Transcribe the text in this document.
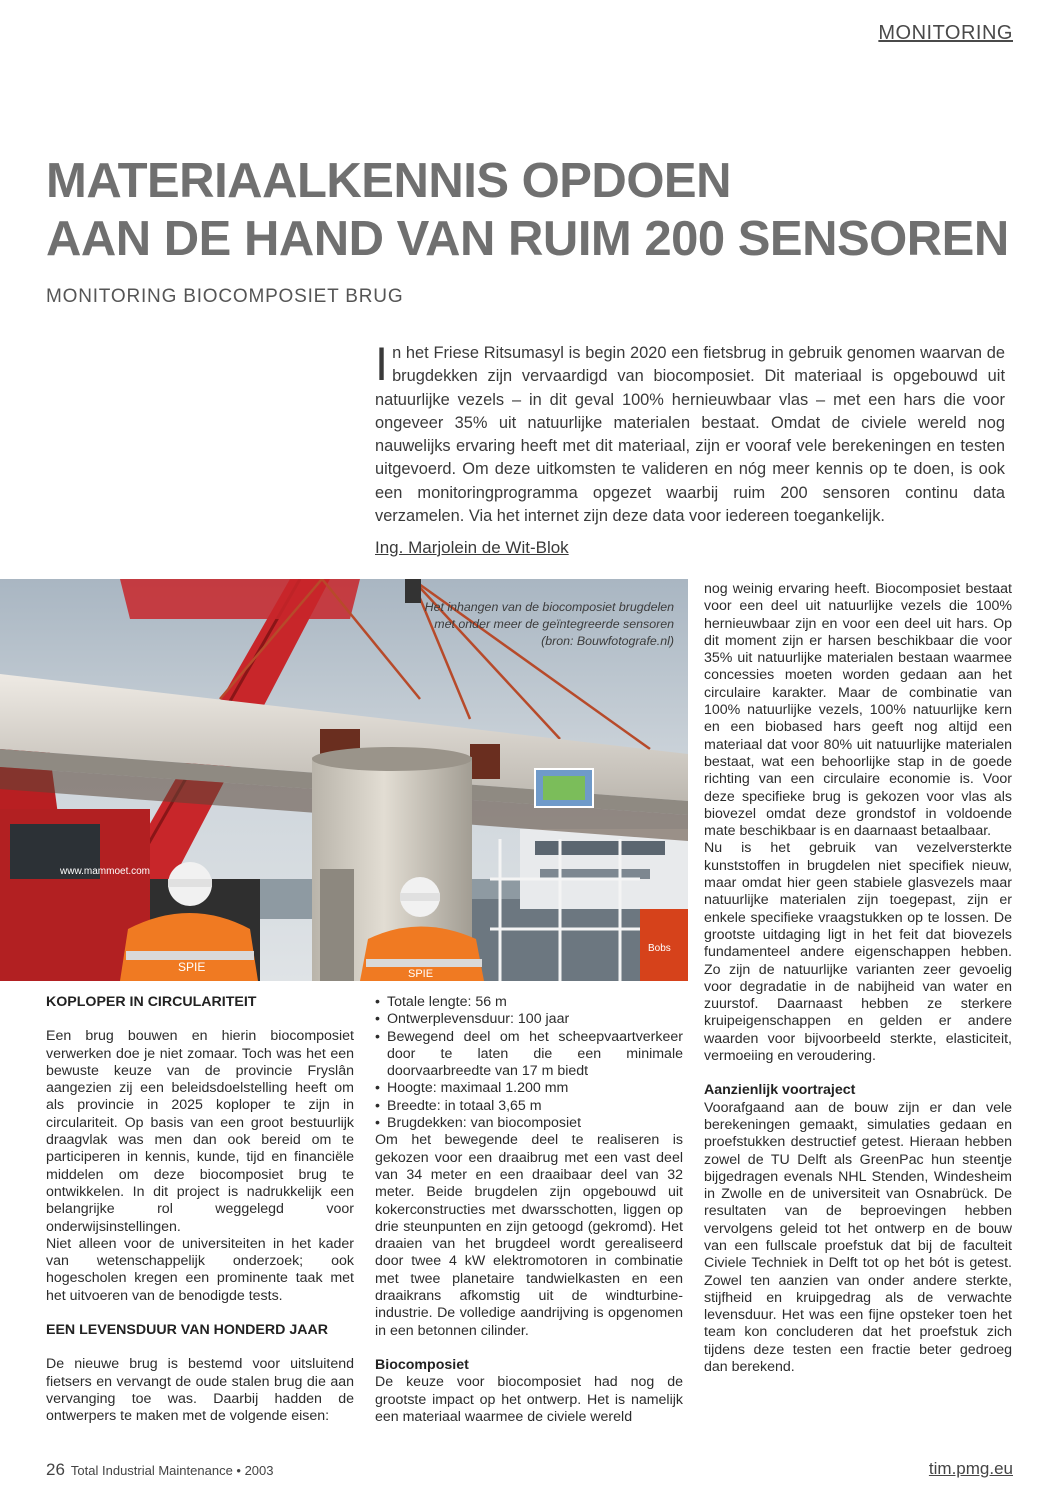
MONITORING
MATERIAALKENNIS OPDOEN
AAN DE HAND VAN RUIM 200 SENSOREN
MONITORING BIOCOMPOSIET BRUG
In het Friese Ritsumasyl is begin 2020 een fietsbrug in gebruik genomen waarvan de brugdekken zijn vervaardigd van biocomposiet. Dit materiaal is opgebouwd uit natuurlijke vezels – in dit geval 100% hernieuwbaar vlas – met een hars die voor ongeveer 35% uit natuurlijke materialen bestaat. Omdat de civiele wereld nog nauwelijks ervaring heeft met dit materiaal, zijn er vooraf vele berekeningen en testen uitgevoerd. Om deze uitkomsten te valideren en nóg meer kennis op te doen, is ook een monitoringprogramma opgezet waarbij ruim 200 sensoren continu data verzamelen. Via het internet zijn deze data voor iedereen toegankelijk.
Ing. Marjolein de Wit-Blok
www.mammoet.com
SPIE	SPIE
Bobs
Het inhangen van de biocomposiet brugdelen met onder meer de geïntegreerde sensoren (bron: Bouwfotografe.nl)
KOPLOPER IN CIRCULARITEIT

Een brug bouwen en hierin biocomposiet verwerken doe je niet zomaar. Toch was het een bewuste keuze van de provincie Fryslân aangezien zij een beleidsdoelstelling heeft om als provincie in 2025 koploper te zijn in circulariteit. Op basis van een groot bestuurlijk draagvlak was men dan ook bereid om te participeren in kennis, kunde, tijd en financiële middelen om deze biocomposiet brug te ontwikkelen. In dit project is nadrukkelijk een belangrijke rol weggelegd voor onderwijsinstellingen.

Niet alleen voor de universiteiten in het kader van wetenschappelijk onderzoek; ook hogescholen kregen een prominente taak met het uitvoeren van de benodigde tests.

EEN LEVENSDUUR VAN HONDERD JAAR

De nieuwe brug is bestemd voor uitsluitend fietsers en vervangt de oude stalen brug die aan vervanging toe was. Daarbij hadden de ontwerpers te maken met de volgende eisen:

• Totale lengte: 56 m
• Ontwerplevensduur: 100 jaar
• Bewegend deel om het scheepvaartverkeer door te laten die een minimale doorvaarbreedte van 17 m biedt
• Hoogte: maximaal 1.200 mm
• Breedte: in totaal 3,65 m
• Brugdekken: van biocomposiet

Om het bewegende deel te realiseren is gekozen voor een draaibrug met een vast deel van 34 meter en een draaibaar deel van 32 meter. Beide brugdelen zijn opgebouwd uit kokerconstructies met dwarsschotten, liggen op drie steunpunten en zijn getoogd (gekromd). Het draaien van het brugdeel wordt gerealiseerd door twee 4 kW elektromotoren in combinatie met twee planetaire tandwielkasten en een draaikrans afkomstig uit de windturbine-industrie. De volledige aandrijving is opgenomen in een betonnen cilinder.

Biocomposiet

De keuze voor biocomposiet had nog de grootste impact op het ontwerp. Het is namelijk een materiaal waarmee de civiele wereld

nog weinig ervaring heeft. Biocomposiet bestaat voor een deel uit natuurlijke vezels die 100% hernieuwbaar zijn en voor een deel uit hars. Op dit moment zijn er harsen beschikbaar die voor 35% uit natuurlijke materialen bestaan waarmee concessies moeten worden gedaan aan het circulaire karakter. Maar de combinatie van 100% natuurlijke vezels, 100% natuurlijke kern en een biobased hars geeft nog altijd een materiaal dat voor 80% uit natuurlijke materialen bestaat, wat een behoorlijke stap in de goede richting van een circulaire economie is. Voor deze specifieke brug is gekozen voor vlas als biovezel omdat deze grondstof in voldoende mate beschikbaar is en daarnaast betaalbaar.

Nu is het gebruik van vezelversterkte kunststoffen in brugdelen niet specifiek nieuw, maar omdat hier geen stabiele glasvezels maar natuurlijke materialen zijn toegepast, zijn er enkele specifieke vraagstukken op te lossen. De grootste uitdaging ligt in het feit dat biovezels fundamenteel andere eigenschappen hebben. Zo zijn de natuurlijke varianten zeer gevoelig voor degradatie in de nabijheid van water en zuurstof. Daarnaast hebben ze sterkere kruipeigenschappen en gelden er andere waarden voor bijvoorbeeld sterkte, elasticiteit, vermoeiing en veroudering.

Aanzienlijk voortraject

Voorafgaand aan de bouw zijn er dan vele berekeningen gemaakt, simulaties gedaan en proefstukken destructief getest. Hieraan hebben zowel de TU Delft als GreenPac hun steentje bijgedragen evenals NHL Stenden, Windesheim in Zwolle en de universiteit van Osnabrück. De resultaten van de beproevingen hebben vervolgens geleid tot het ontwerp en de bouw van een fullscale proefstuk dat bij de faculteit Civiele Techniek in Delft tot op het bót is getest. Zowel ten aanzien van onder andere sterkte, stijfheid en kruipgedrag als de verwachte levensduur. Het was een fijne opsteker toen het team kon concluderen dat het proefstuk zich tijdens deze testen een fractie beter gedroeg dan berekend.

26 Total Industrial Maintenance • 2003	tim.pmg.eu
